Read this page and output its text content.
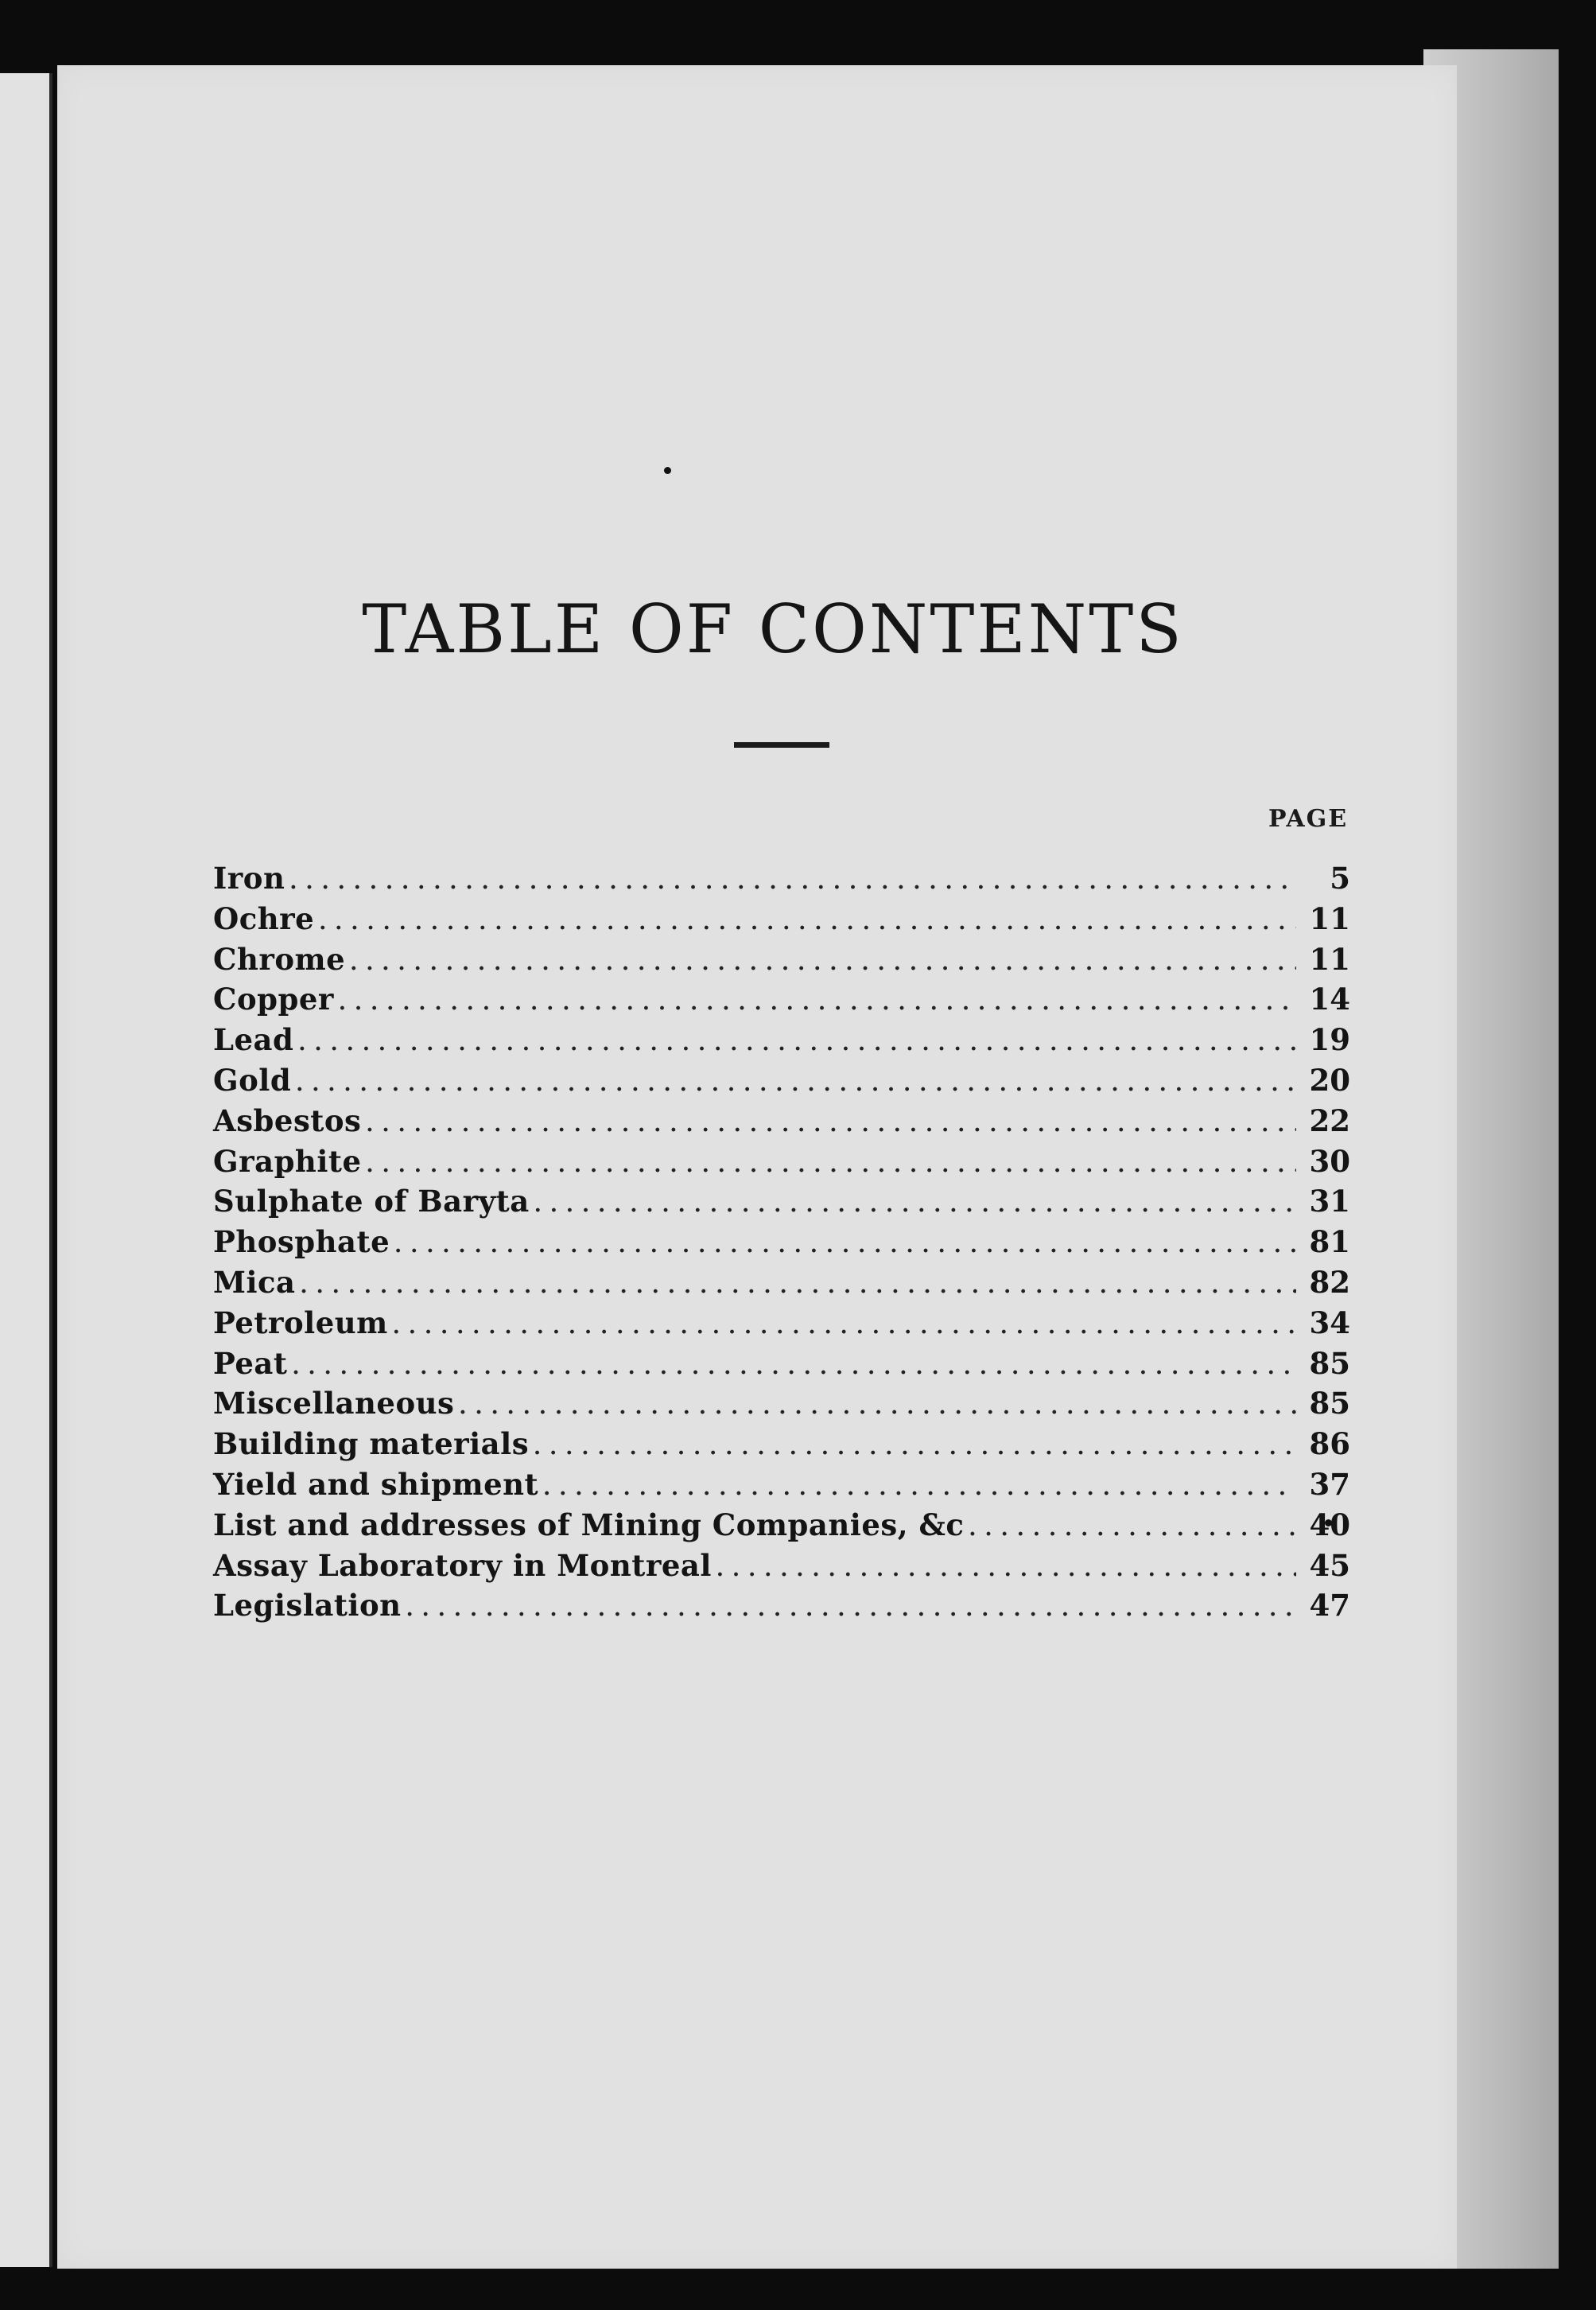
TABLE OF CONTENTS
PAGE
Iron . . .	5
Ochre . . .	11
Chrome . . .	11
Copper . . .	14
Lead . . .	19
Gold . . .	20
Asbestos . . .	22
Graphite . . .	30
Sulphate of Baryta . . .	31
Phosphate . . .	81
Mica . . .	82
Petroleum . . .	34
Peat . . .	85
Miscellaneous . . .	85
Building materials . . .	86
Yield and shipment . . .	37
List and addresses of Mining Companies, &c . . .	40
Assay Laboratory in Montreal . . .	45
Legislation . . .	47
